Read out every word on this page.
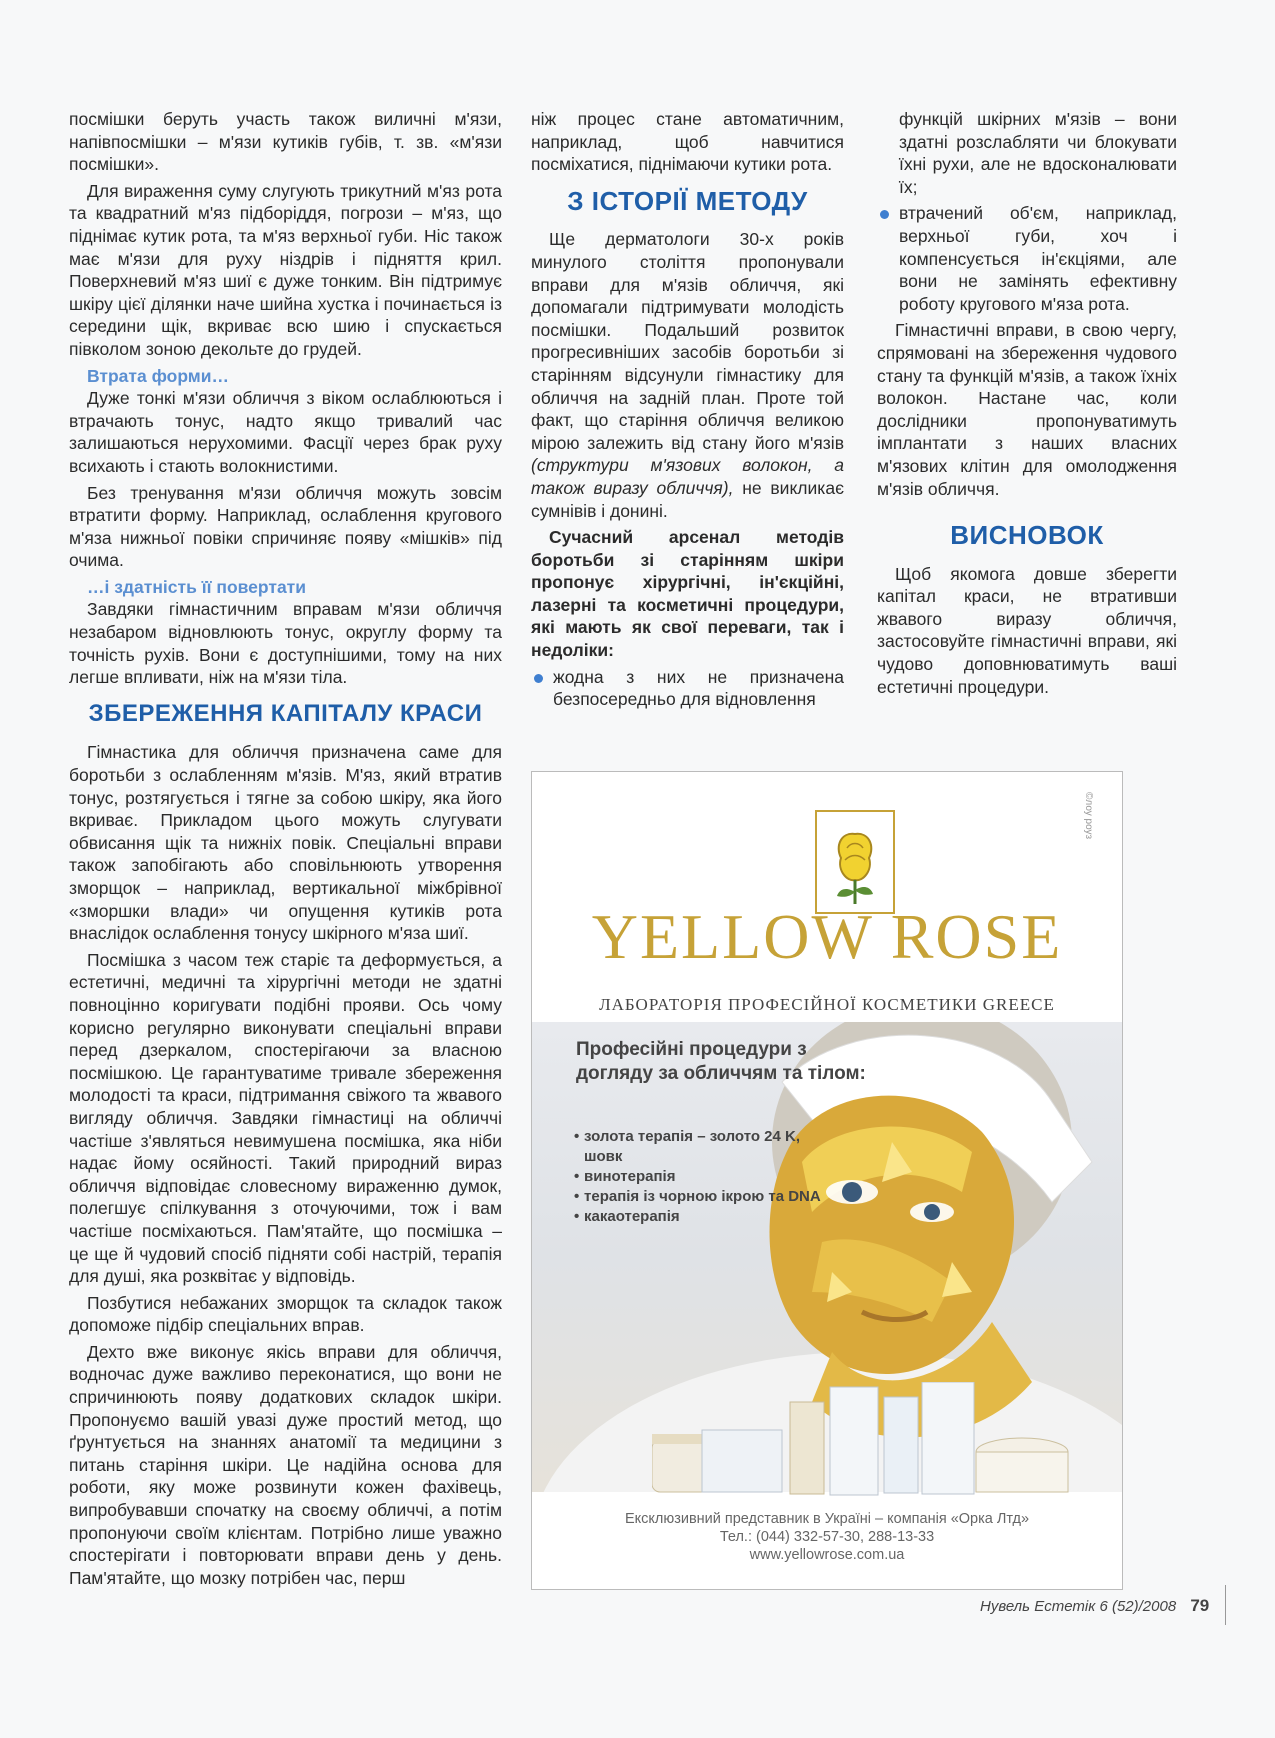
посмішки беруть участь також виличні м'язи, напівпосмішки – м'язи кутиків губів, т. зв. «м'язи посмішки».

Для вираження суму слугують трикутний м'яз рота та квадратний м'яз підборіддя, погрози – м'яз, що піднімає кутик рота, та м'яз верхньої губи. Ніс також має м'язи для руху ніздрів і підняття крил. Поверхневий м'яз шиї є дуже тонким. Він підтримує шкіру цієї ділянки наче шийна хустка і починається із середини щік, вкриває всю шию і спускається півколом зоною декольте до грудей.

Втрата форми…

Дуже тонкі м'язи обличчя з віком ослаблюються і втрачають тонус, надто якщо тривалий час залишаються нерухомими. Фасції через брак руху всихають і стають волокнистими.

Без тренування м'язи обличчя можуть зовсім втратити форму. Наприклад, ослаблення кругового м'яза нижньої повіки спричиняє появу «мішків» під очима.

…і здатність її повертати

Завдяки гімнастичним вправам м'язи обличчя незабаром відновлюють тонус, округлу форму та точність рухів. Вони є доступнішими, тому на них легше впливати, ніж на м'язи тіла.

ЗБЕРЕЖЕННЯ КАПІТАЛУ КРАСИ

Гімнастика для обличчя призначена саме для боротьби з ослабленням м'язів. М'яз, який втратив тонус, розтягується і тягне за собою шкіру, яка його вкриває. Прикладом цього можуть слугувати обвисання щік та нижніх повік. Спеціальні вправи також запобігають або сповільнюють утворення зморщок – наприклад, вертикальної міжбрівної «зморшки влади» чи опущення кутиків рота внаслідок ослаблення тонусу шкірного м'яза шиї.

Посмішка з часом теж старіє та деформується, а естетичні, медичні та хірургічні методи не здатні повноцінно коригувати подібні прояви. Ось чому корисно регулярно виконувати спеціальні вправи перед дзеркалом, спостерігаючи за власною посмішкою. Це гарантуватиме тривале збереження молодості та краси, підтримання свіжого та жвавого вигляду обличчя. Завдяки гімнастиці на обличчі частіше з'являться невимушена посмішка, яка ніби надає йому осяйності. Такий природний вираз обличчя відповідає словесному вираженню думок, полегшує спілкування з оточуючими, тож і вам частіше посміхаються. Пам'ятайте, що посмішка – це ще й чудовий спосіб підняти собі настрій, терапія для душі, яка розквітає у відповідь.

Позбутися небажаних зморщок та складок також допоможе підбір спеціальних вправ.

Дехто вже виконує якісь вправи для обличчя, водночас дуже важливо переконатися, що вони не спричинюють появу додаткових складок шкіри. Пропонуємо вашій увазі дуже простий метод, що ґрунтується на знаннях анатомії та медицини з питань старіння шкіри. Це надійна основа для роботи, яку може розвинути кожен фахівець, випробувавши спочатку на своєму обличчі, а потім пропонуючи своїм клієнтам. Потрібно лише уважно спостерігати і повторювати вправи день у день. Пам'ятайте, що мозку потрібен час, перш

ніж процес стане автоматичним, наприклад, щоб навчитися посміхатися, піднімаючи кутики рота.

З ІСТОРІЇ МЕТОДУ

Ще дерматологи 30-х років минулого століття пропонували вправи для м'язів обличчя, які допомагали підтримувати молодість посмішки. Подальший розвиток прогресивніших засобів боротьби зі старінням відсунули гімнастику для обличчя на задній план. Проте той факт, що старіння обличчя великою мірою залежить від стану його м'язів (структури м'язових волокон, а також виразу обличчя), не викликає сумнівів і донині.

Сучасний арсенал методів боротьби зі старінням шкіри пропонує хірургічні, ін'єкційні, лазерні та косметичні процедури, які мають як свої переваги, так і недоліки:

жодна з них не призначена безпосередньо для відновлення

функцій шкірних м'язів – вони здатні розслабляти чи блокувати їхні рухи, але не вдосконалювати їх;

втрачений об'єм, наприклад, верхньої губи, хоч і компенсується ін'єкціями, але вони не замінять ефективну роботу кругового м'яза рота.

Гімнастичні вправи, в свою чергу, спрямовані на збереження чудового стану та функцій м'язів, а також їхніх волокон. Настане час, коли дослідники пропонуватимуть імплантати з наших власних м'язових клітин для омолодження м'язів обличчя.

ВИСНОВОК

Щоб якомога довше зберегти капітал краси, не втративши жвавого виразу обличчя, застосовуйте гімнастичні вправи, які чудово доповнюватимуть ваші естетичні процедури.

YELLOW ROSE
ЛАБОРАТОРІЯ ПРОФЕСІЙНОЇ КОСМЕТИКИ GREECE
©лоу роуз
Професійні процедури з догляду за обличчям та тілом:
• золота терапія – золото 24 K, шовк
• винотерапія
• терапія із чорною ікрою та DNA
• какаотерапія
Ексклюзивний представник в Україні – компанія «Орка Лтд»
Тел.: (044) 332-57-30, 288-13-33
www.yellowrose.com.ua
Нувель Естетік 6 (52)/2008 79
